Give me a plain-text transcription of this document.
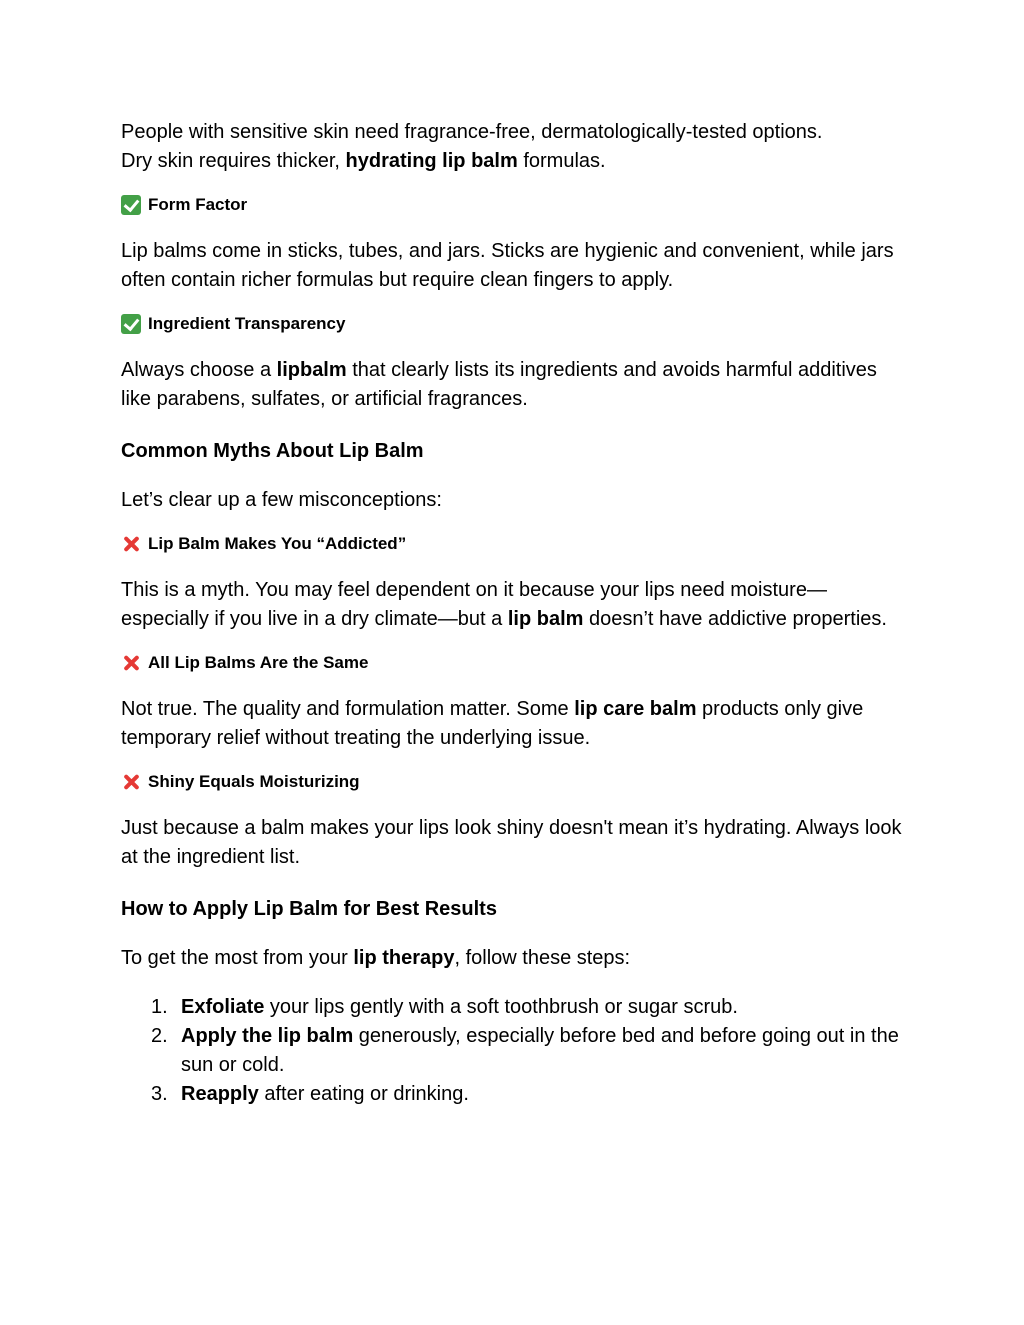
People with sensitive skin need fragrance-free, dermatologically-tested options.
Dry skin requires thicker, hydrating lip balm formulas.

Form Factor

Lip balms come in sticks, tubes, and jars. Sticks are hygienic and convenient, while jars often contain richer formulas but require clean fingers to apply.

Ingredient Transparency

Always choose a lipbalm that clearly lists its ingredients and avoids harmful additives like parabens, sulfates, or artificial fragrances.

Common Myths About Lip Balm

Let’s clear up a few misconceptions:

Lip Balm Makes You “Addicted”

This is a myth. You may feel dependent on it because your lips need moisture—especially if you live in a dry climate—but a lip balm doesn’t have addictive properties.

All Lip Balms Are the Same

Not true. The quality and formulation matter. Some lip care balm products only give temporary relief without treating the underlying issue.

Shiny Equals Moisturizing

Just because a balm makes your lips look shiny doesn't mean it’s hydrating. Always look at the ingredient list.

How to Apply Lip Balm for Best Results

To get the most from your lip therapy, follow these steps:

1. Exfoliate your lips gently with a soft toothbrush or sugar scrub.
2. Apply the lip balm generously, especially before bed and before going out in the sun or cold.
3. Reapply after eating or drinking.
